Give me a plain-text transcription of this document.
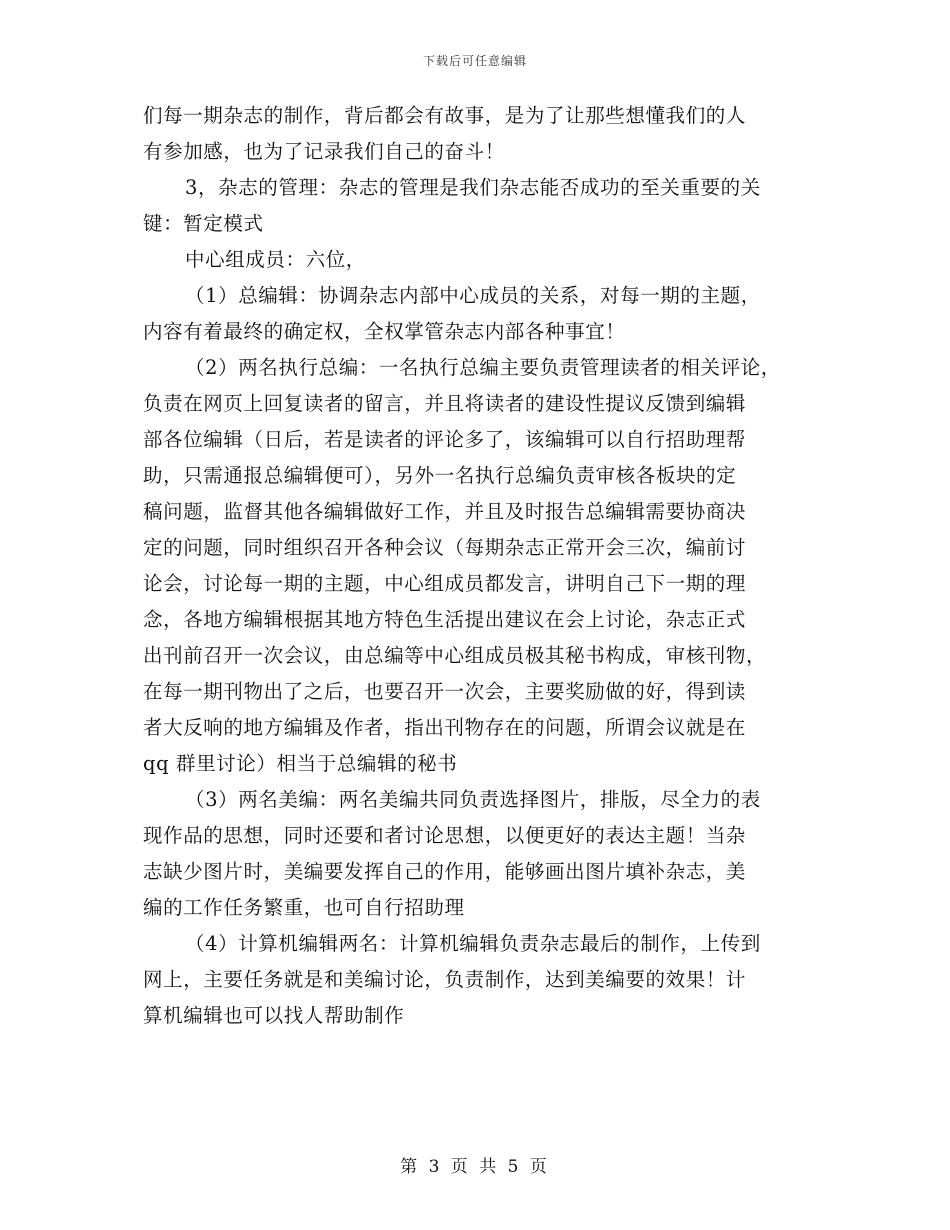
下载后可任意编辑
们每一期杂志的制作，背后都会有故事，是为了让那些想懂我们的人
有参加感，也为了记录我们自己的奋斗！
3，杂志的管理：杂志的管理是我们杂志能否成功的至关重要的关
键：暂定模式
中心组成员：六位，
（1）总编辑：协调杂志内部中心成员的关系，对每一期的主题，
内容有着最终的确定权，全权掌管杂志内部各种事宜！
（2）两名执行总编：一名执行总编主要负责管理读者的相关评论，
负责在网页上回复读者的留言，并且将读者的建设性提议反馈到编辑
部各位编辑（日后，若是读者的评论多了，该编辑可以自行招助理帮
助，只需通报总编辑便可），另外一名执行总编负责审核各板块的定
稿问题，监督其他各编辑做好工作，并且及时报告总编辑需要协商决
定的问题，同时组织召开各种会议（每期杂志正常开会三次，编前讨
论会，讨论每一期的主题，中心组成员都发言，讲明自己下一期的理
念，各地方编辑根据其地方特色生活提出建议在会上讨论，杂志正式
出刊前召开一次会议，由总编等中心组成员极其秘书构成，审核刊物，
在每一期刊物出了之后，也要召开一次会，主要奖励做的好，得到读
者大反响的地方编辑及作者，指出刊物存在的问题，所谓会议就是在
qq 群里讨论）相当于总编辑的秘书
（3）两名美编：两名美编共同负责选择图片，排版，尽全力的表
现作品的思想，同时还要和者讨论思想，以便更好的表达主题！当杂
志缺少图片时，美编要发挥自己的作用，能够画出图片填补杂志，美
编的工作任务繁重，也可自行招助理
（4）计算机编辑两名：计算机编辑负责杂志最后的制作，上传到
网上，主要任务就是和美编讨论，负责制作，达到美编要的效果！计
算机编辑也可以找人帮助制作
第 3 页 共 5 页
